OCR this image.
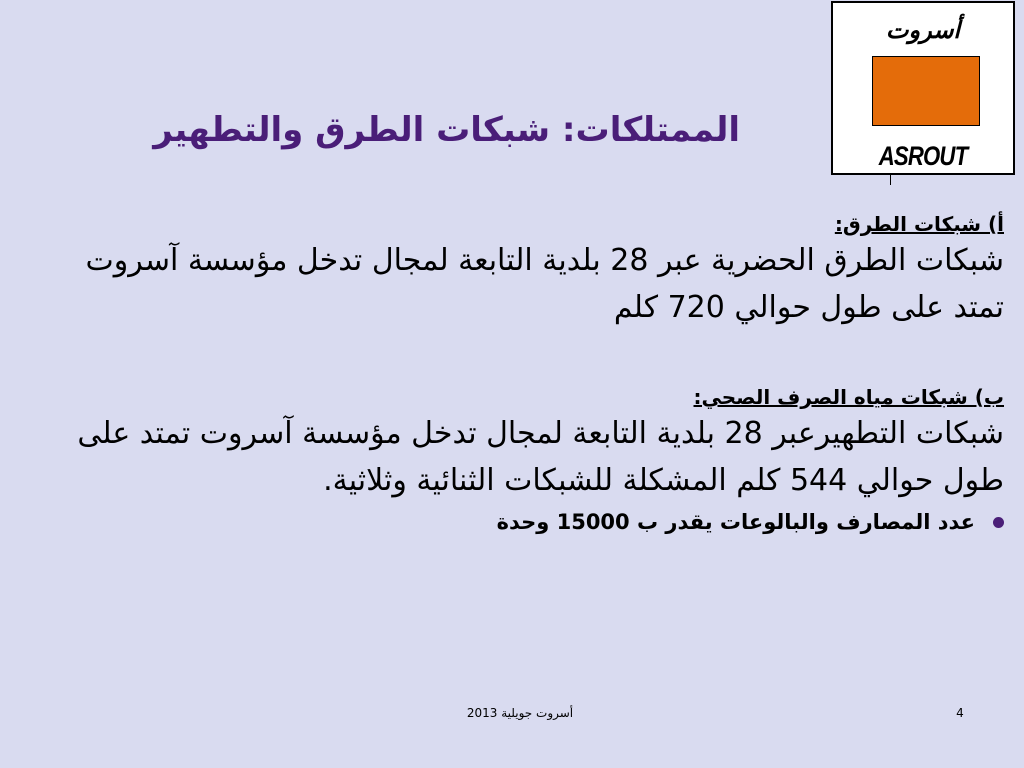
أسروت
ASROUT
الممتلكات: شبكات الطرق والتطهير

أ) شبكات الطرق:

شبكات الطرق الحضرية عبر 28 بلدية التابعة لمجال تدخل مؤسسة آسروت تمتد على طول حوالي 720 كلم

ب) شبكات مياه الصرف الصحي:

شبكات التطهيرعبر 28 بلدية التابعة لمجال تدخل مؤسسة آسروت تمتد على طول حوالي 544 كلم المشكلة للشبكات الثنائية وثلاثية.

عدد المصارف والبالوعات يقدر ب 15000 وحدة
أسروت جويلية 2013	4
